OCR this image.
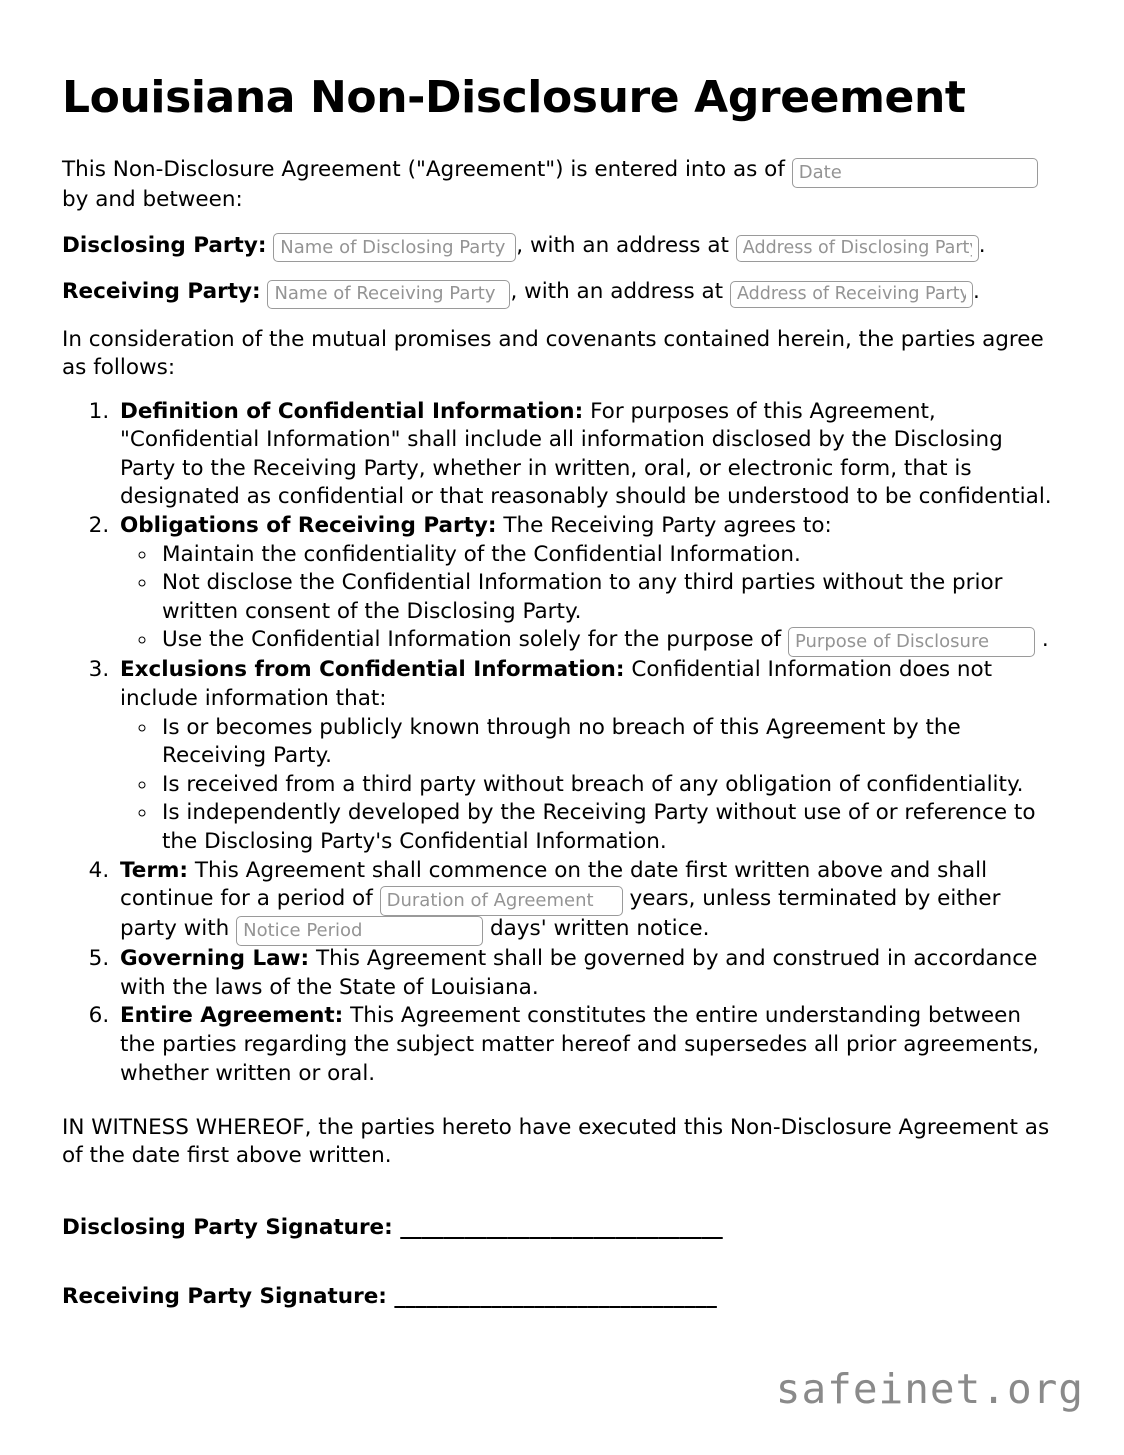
Louisiana Non-Disclosure Agreement

This Non-Disclosure Agreement ("Agreement") is entered into as of Date
by and between:

Disclosing Party: Name of Disclosing Party	, with an address at Address of Disclosing Party	.
Receiving Party: Name of Receiving Party	, with an address at Address of Receiving Party	.

In consideration of the mutual promises and covenants contained herein, the parties agree as follows:

1. Definition of Confidential Information: For purposes of this Agreement, "Confidential Information" shall include all information disclosed by the Disclosing Party to the Receiving Party, whether in written, oral, or electronic form, that is designated as confidential or that reasonably should be understood to be confidential.
2. Obligations of Receiving Party: The Receiving Party agrees to:
◦ Maintain the confidentiality of the Confidential Information.
◦ Not disclose the Confidential Information to any third parties without the prior written consent of the Disclosing Party.
◦ Use the Confidential Information solely for the purpose of Purpose of Disclosure	.
3. Exclusions from Confidential Information: Confidential Information does not include information that:
◦ Is or becomes publicly known through no breach of this Agreement by the Receiving Party.
◦ Is received from a third party without breach of any obligation of confidentiality.
◦ Is independently developed by the Receiving Party without use of or reference to the Disclosing Party's Confidential Information.
4. Term: This Agreement shall commence on the date first written above and shall continue for a period of Duration of Agreement	years, unless terminated by either party with Notice Period	days' written notice.
5. Governing Law: This Agreement shall be governed by and construed in accordance with the laws of the State of Louisiana.
6. Entire Agreement: This Agreement constitutes the entire understanding between the parties regarding the subject matter hereof and supersedes all prior agreements, whether written or oral.

IN WITNESS WHEREOF, the parties hereto have executed this Non-Disclosure Agreement as of the date first above written.

Disclosing Party Signature: ______________________________
Receiving Party Signature: ______________________________
safeinet.org
